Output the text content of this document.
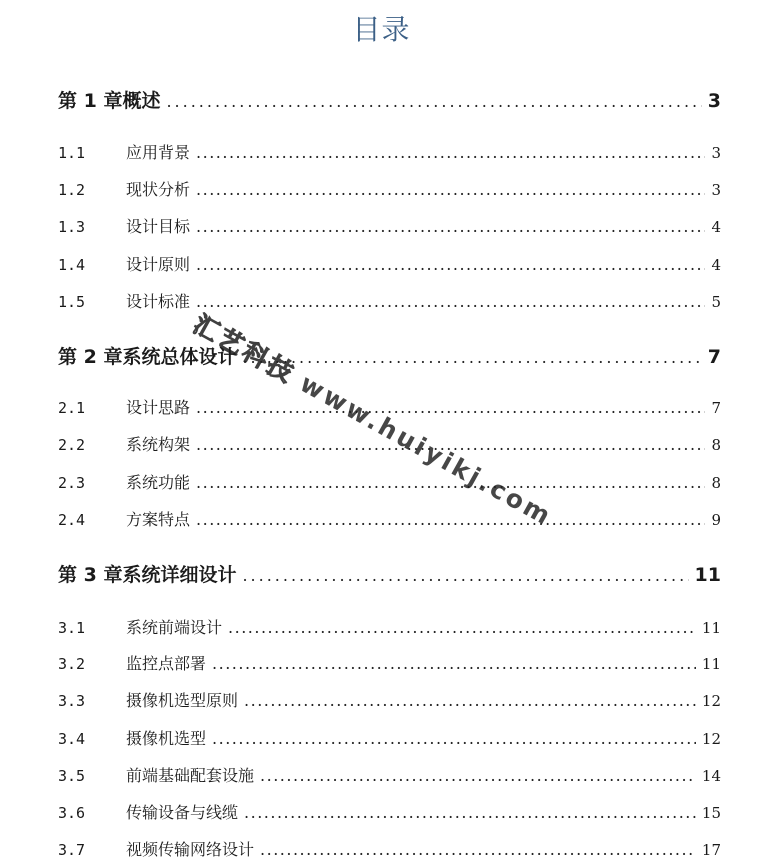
目录
第 1 章概述 .....	3
1.1	应用背景 .....	3
1.2	现状分析 .....	3
1.3	设计目标 .....	4
1.4	设计原则 .....	4
1.5	设计标准 .....	5
第 2 章系统总体设计 .....	7
2.1	设计思路 .....	7
2.2	系统构架 .....	8
2.3	系统功能 .....	8
2.4	方案特点 .....	9
第 3 章系统详细设计 .....	11
3.1	系统前端设计 .....	11
3.2	监控点部署 .....	11
3.3	摄像机选型原则 .....	12
3.4	摄像机选型 .....	12
3.5	前端基础配套设施 .....	14
3.6	传输设备与线缆 .....	15
3.7	视频传输网络设计 .....	17
汇艺科技www.huiyikj.com
